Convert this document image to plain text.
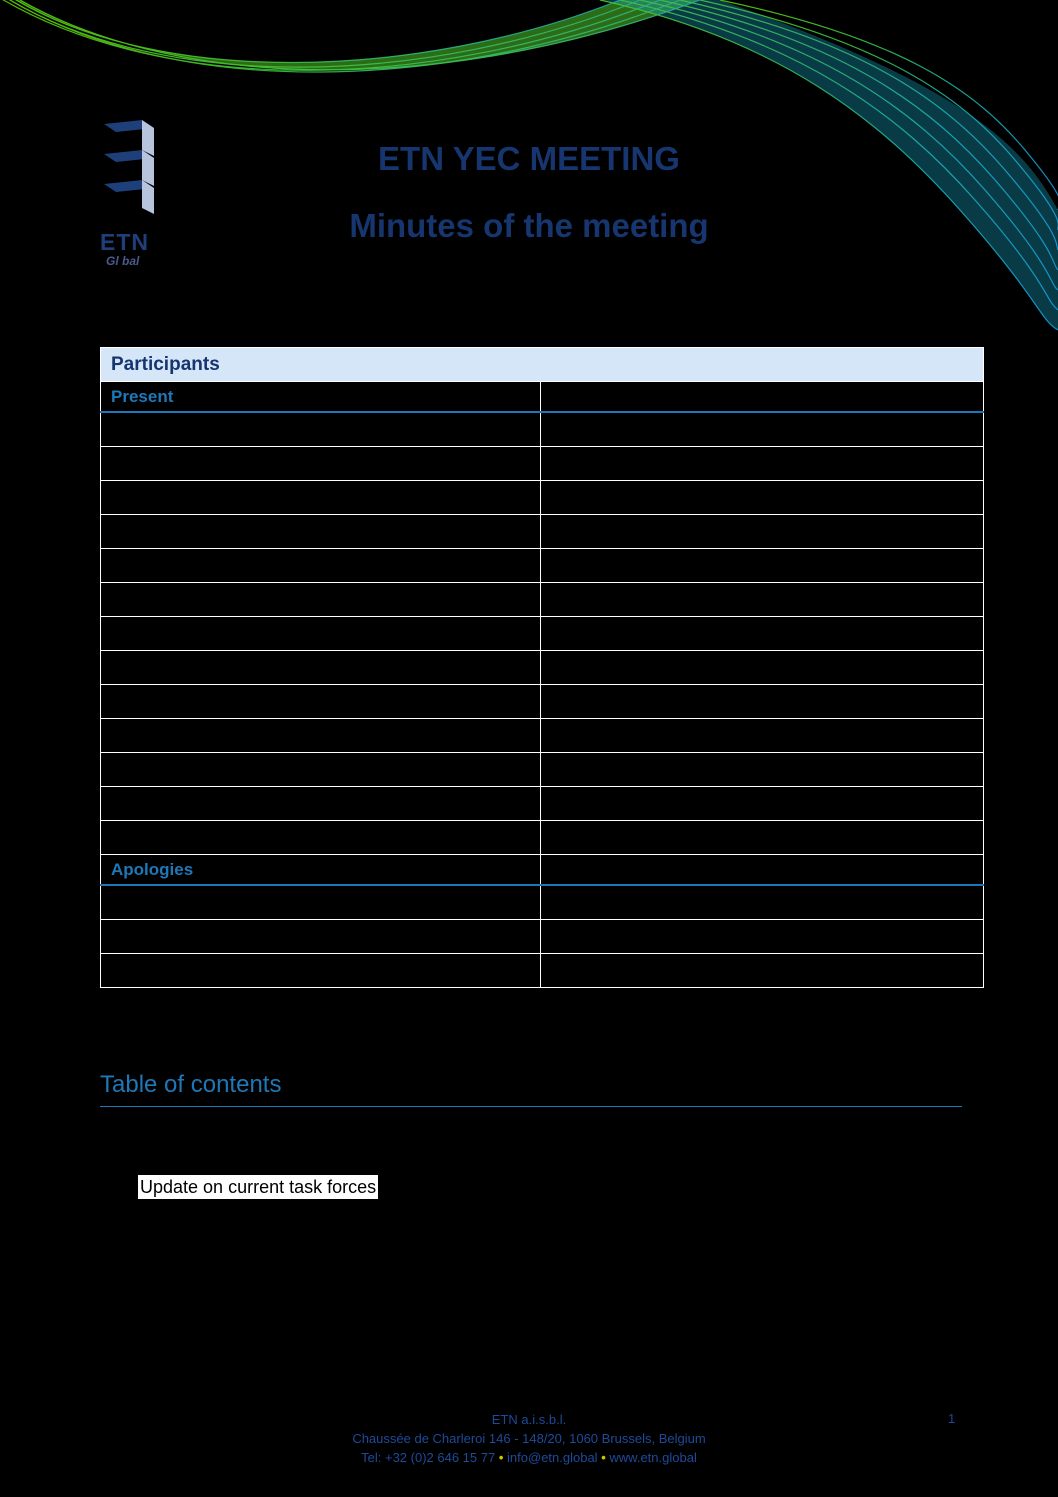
ETN
Gl bal
ETN YEC MEETING
Minutes of the meeting
Participants	
Present	

Apologies	

Table of contents
Update on current task forces
ETN a.i.s.b.l.	1
Chaussée de Charleroi 146 - 148/20, 1060 Brussels, Belgium
Tel: +32 (0)2 646 15 77 • info@etn.global • www.etn.global
